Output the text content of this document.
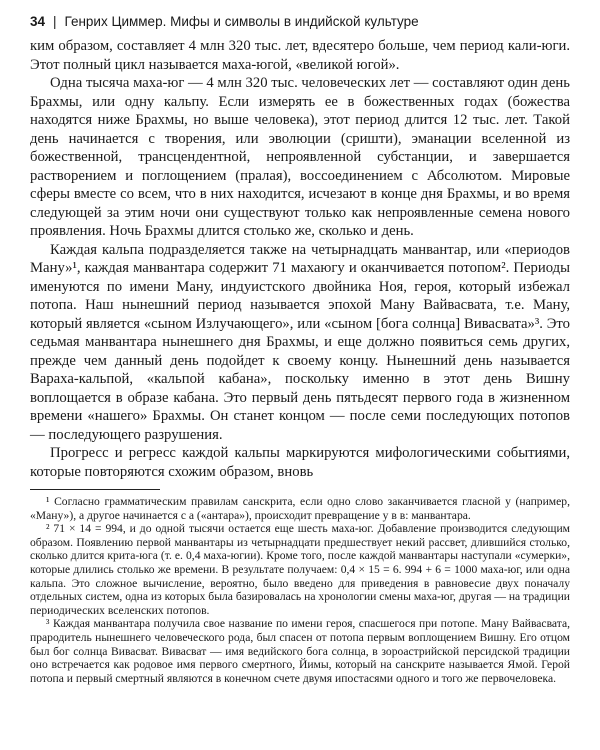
34 | Генрих Циммер. Мифы и символы в индийской культуре

ким образом, составляет 4 млн 320 тыс. лет, вдесятеро больше, чем период кали-юги. Этот полный цикл называется маха-югой, «великой югой».

Одна тысяча маха-юг — 4 млн 320 тыс. человеческих лет — составляют один день Брахмы, или одну кальпу. Если измерять ее в божественных годах (божества находятся ниже Брахмы, но выше человека), этот период длится 12 тыс. лет. Такой день начинается с творения, или эволюции (сришти), эманации вселенной из божественной, трансцендентной, непроявленной субстанции, и завершается растворением и поглощением (пралая), воссоединением с Абсолютом. Мировые сферы вместе со всем, что в них находится, исчезают в конце дня Брахмы, и во время следующей за этим ночи они существуют только как непроявленные семена нового проявления. Ночь Брахмы длится столько же, сколько и день.

Каждая кальпа подразделяется также на четырнадцать манвантар, или «периодов Ману»¹, каждая манвантара содержит 71 махаюгу и оканчивается потопом². Периоды именуются по имени Ману, индуистского двойника Ноя, героя, который избежал потопа. Наш нынешний период называется эпохой Ману Вайвасвата, т.е. Ману, который является «сыном Излучающего», или «сыном [бога солнца] Вивасвата»³. Это седьмая манвантара нынешнего дня Брахмы, и еще должно появиться семь других, прежде чем данный день подойдет к своему концу. Нынешний день называется Вараха-кальпой, «кальпой кабана», поскольку именно в этот день Вишну воплощается в образе кабана. Это первый день пятьдесят первого года в жизненном времени «нашего» Брахмы. Он станет концом — после семи последующих потопов — последующего разрушения.

Прогресс и регресс каждой кальпы маркируются мифологическими событиями, которые повторяются схожим образом, вновь

¹ Согласно грамматическим правилам санскрита, если одно слово заканчивается гласной у (например, «Ману»), а другое начинается с а («антара»), происходит превращение у в в: манвантара.

² 71 × 14 = 994, и до одной тысячи остается еще шесть маха-юг. Добавление производится следующим образом. Появлению первой манвантары из четырнадцати предшествует некий рассвет, длившийся столько, сколько длится крита-юга (т. е. 0,4 маха-югии). Кроме того, после каждой манвантары наступали «сумерки», которые длились столько же времени. В результате получаем: 0,4 × 15 = 6. 994 + 6 = 1000 маха-юг, или одна кальпа. Это сложное вычисление, вероятно, было введено для приведения в равновесие двух поначалу отдельных систем, одна из которых была базировалась на хронологии смены маха-юг, другая — на традиции периодических вселенских потопов.

³ Каждая манвантара получила свое название по имени героя, спасшегося при потопе. Ману Вайвасвата, прародитель нынешнего человеческого рода, был спасен от потопа первым воплощением Вишну. Его отцом был бог солнца Вивасват. Вивасват — имя ведийского бога солнца, в зороастрийской персидской традиции оно встречается как родовое имя первого смертного, Йимы, который на санскрите называется Ямой. Герой потопа и первый смертный являются в конечном счете двумя ипостасями одного и того же первочеловека.
